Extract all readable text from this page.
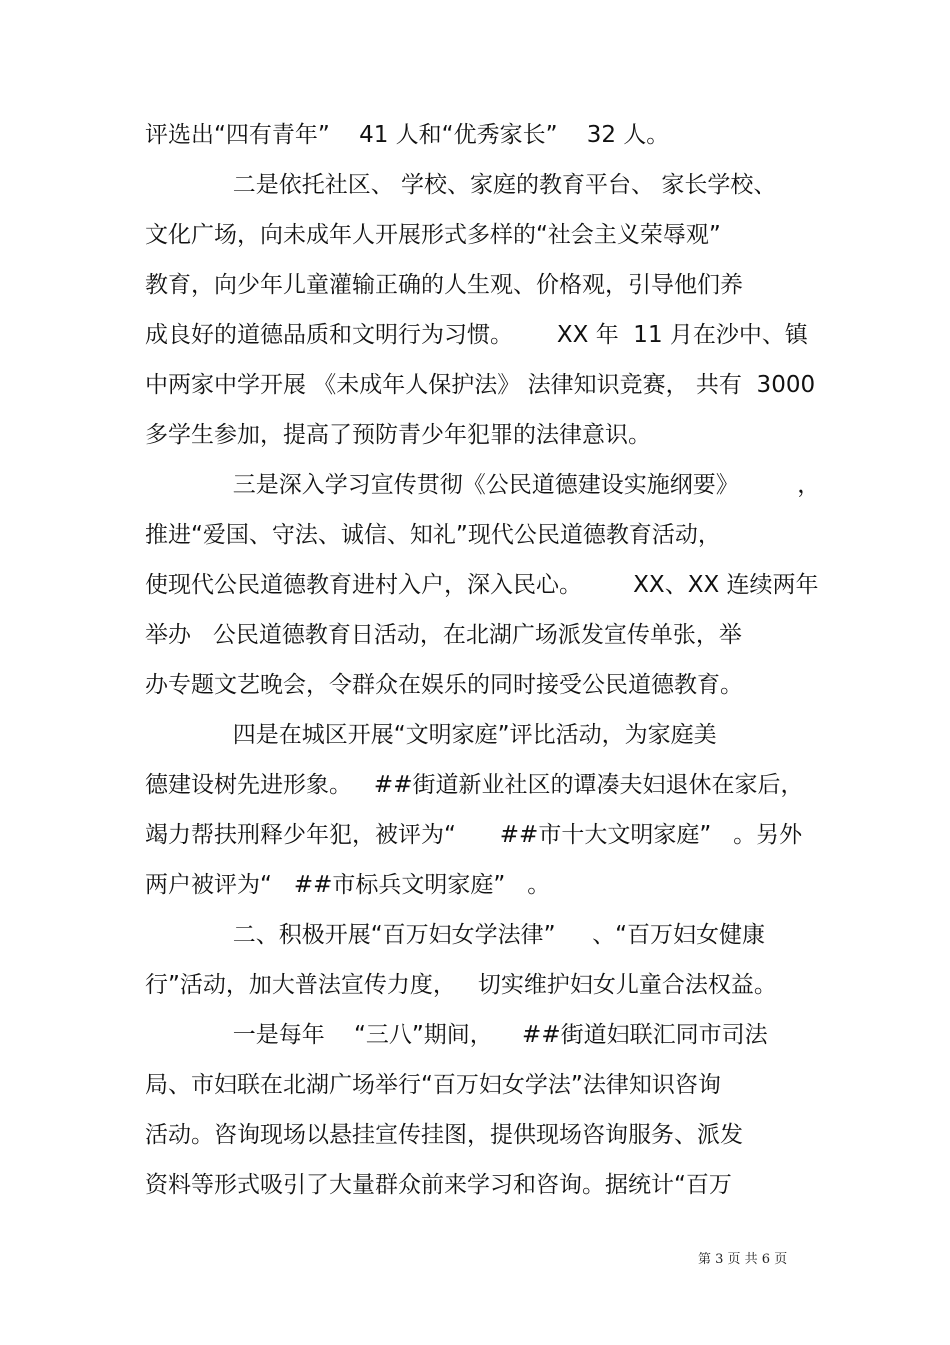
评选出“四有青年”    41 人和“优秀家长”    32 人。
二是依托社区、 学校、家庭的教育平台、 家长学校、
文化广场，向未成年人开展形式多样的“社会主义荣辱观”
教育，向少年儿童灌输正确的人生观、价格观，引导他们养
成良好的道德品质和文明行为习惯。      XX 年  11 月在沙中、镇
中两家中学开展 《未成年人保护法》 法律知识竞赛， 共有  3000
多学生参加，提高了预防青少年犯罪的法律意识。
三是深入学习宣传贯彻《公民道德建设实施纲要》        ，
推进“爱国、守法、诚信、知礼”现代公民道德教育活动，
使现代公民道德教育进村入户，深入民心。       XX、XX 连续两年
举办   公民道德教育日活动，在北湖广场派发宣传单张，举
办专题文艺晚会，令群众在娱乐的同时接受公民道德教育。
四是在城区开展“文明家庭”评比活动，为家庭美
德建设树先进形象。   ##街道新业社区的谭凑夫妇退休在家后，
竭力帮扶刑释少年犯，被评为“      ##市十大文明家庭”   。另外
两户被评为“   ##市标兵文明家庭”   。
二、积极开展“百万妇女学法律”     、“百万妇女健康
行”活动，加大普法宣传力度，   切实维护妇女儿童合法权益。
一是每年    “三八”期间，    ##街道妇联汇同市司法
局、市妇联在北湖广场举行“百万妇女学法”法律知识咨询
活动。咨询现场以悬挂宣传挂图，提供现场咨询服务、派发
资料等形式吸引了大量群众前来学习和咨询。据统计“百万
第 3 页 共 6 页
